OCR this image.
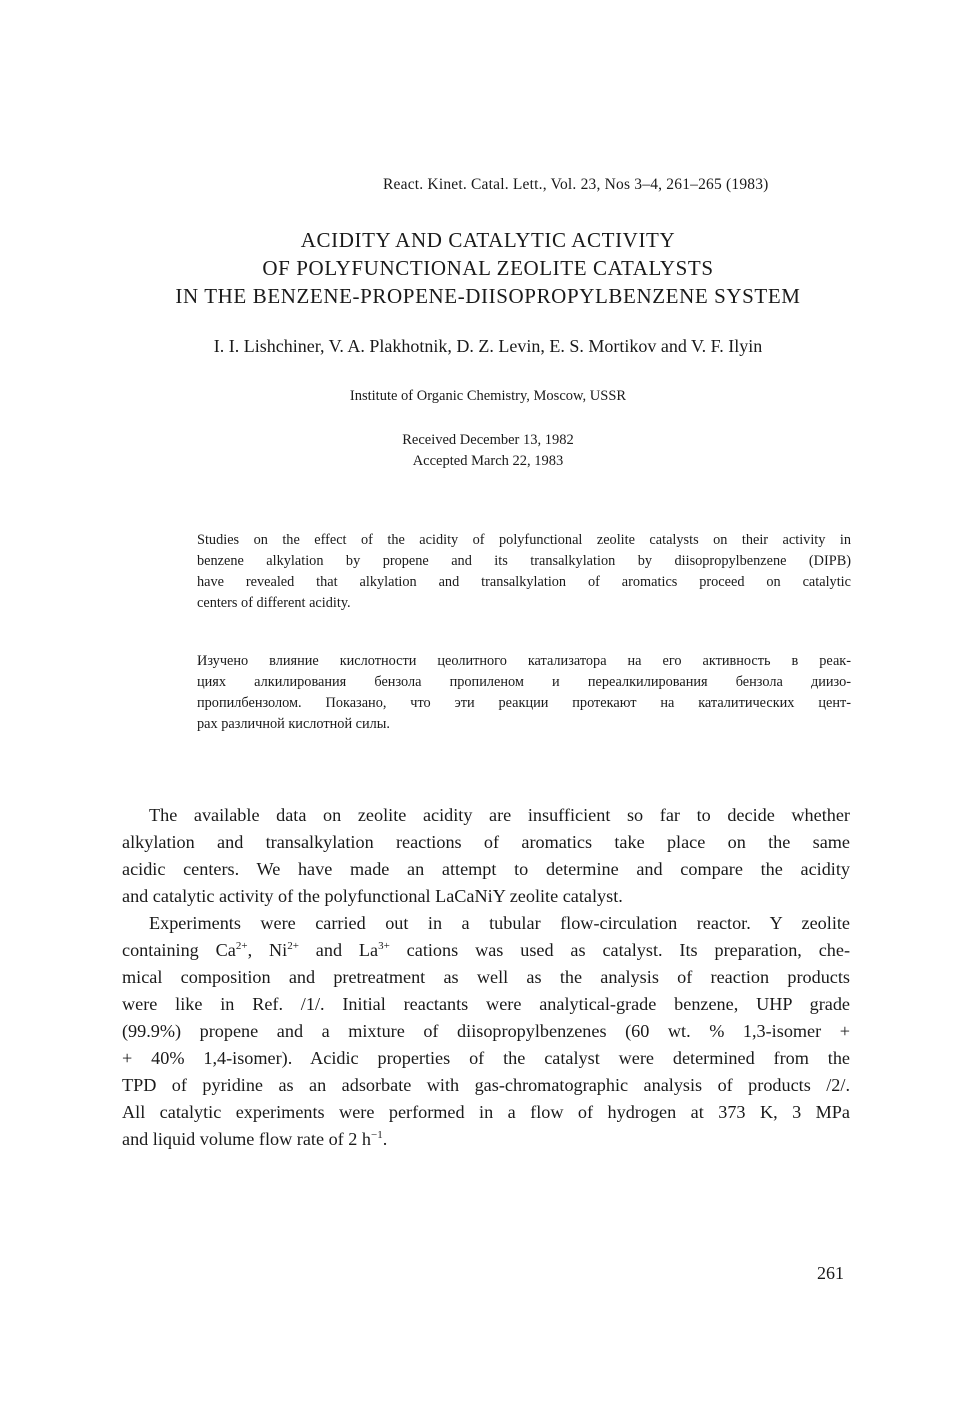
React. Kinet. Catal. Lett., Vol. 23, Nos 3–4, 261–265 (1983)
ACIDITY AND CATALYTIC ACTIVITY
OF POLYFUNCTIONAL ZEOLITE CATALYSTS
IN THE BENZENE-PROPENE-DIISOPROPYLBENZENE SYSTEM
I. I. Lishchiner, V. A. Plakhotnik, D. Z. Levin, E. S. Mortikov and V. F. Ilyin
Institute of Organic Chemistry, Moscow, USSR
Received December 13, 1982
Accepted March 22, 1983
Studies on the effect of the acidity of polyfunctional zeolite catalysts on their activity in
benzene alkylation by propene and its transalkylation by diisopropylbenzene (DIPB)
have revealed that alkylation and transalkylation of aromatics proceed on catalytic
centers of different acidity.
Изучено влияние кислотности цеолитного катализатора на его активность в реак-
циях алкилирования бензола пропиленом и переалкилирования бензола диизо-
пропилбензолом. Показано, что эти реакции протекают на каталитических цент-
рах различной кислотной силы.
The available data on zeolite acidity are insufficient so far to decide whether
alkylation and transalkylation reactions of aromatics take place on the same
acidic centers. We have made an attempt to determine and compare the acidity
and catalytic activity of the polyfunctional LaCaNiY zeolite catalyst.
Experiments were carried out in a tubular flow-circulation reactor. Y zeolite
containing $Ca^{2+}$, $Ni^{2+}$ and $La^{3+}$ cations was used as catalyst. Its preparation, che-
mical composition and pretreatment as well as the analysis of reaction products
were like in Ref. /1/. Initial reactants were analytical-grade benzene, UHP grade
(99.9%) propene and a mixture of diisopropylbenzenes (60 wt. % 1,3-isomer +
+ 40% 1,4-isomer). Acidic properties of the catalyst were determined from the
TPD of pyridine as an adsorbate with gas-chromatographic analysis of products /2/.
All catalytic experiments were performed in a flow of hydrogen at 373 K, 3 MPa
and liquid volume flow rate of 2 $h^{-1}$.
261
